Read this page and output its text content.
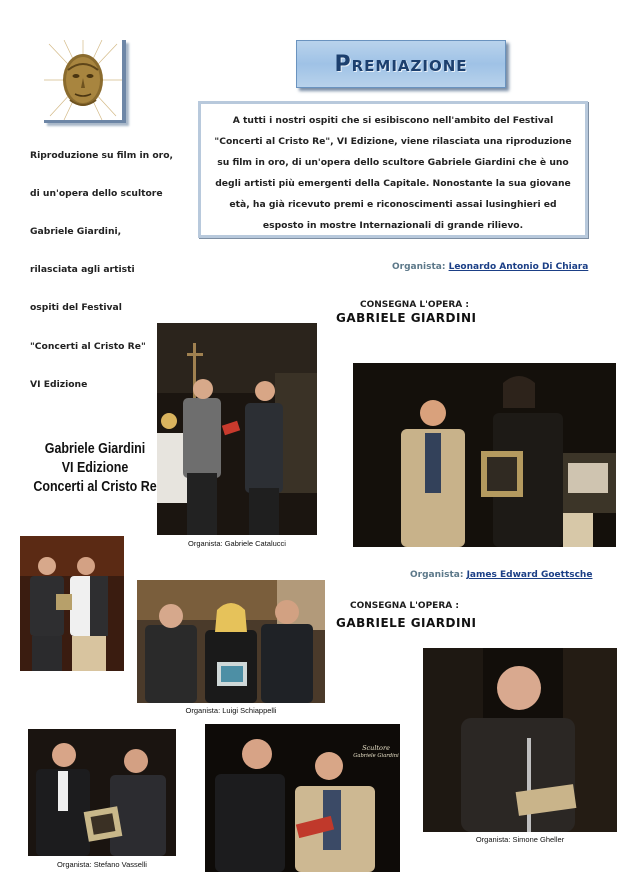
Premiazione
A tutti i nostri ospiti che si esibiscono nell'ambito del Festival "Concerti al Cristo Re", VI Edizione, viene rilasciata una riproduzione su film in oro, di un'opera dello scultore Gabriele Giardini che è uno degli artisti più emergenti della Capitale. Nonostante la sua giovane età, ha già ricevuto premi e riconoscimenti assai lusinghieri ed esposto in mostre Internazionali di grande rilievo.
Riproduzione su film in oro,
di un'opera dello scultore
Gabriele Giardini,
rilasciata agli artisti
ospiti del Festival
"Concerti al Cristo Re"
VI Edizione
Gabriele Giardini
VI Edizione
Concerti al Cristo Re
Organista: Leonardo Antonio Di Chiara
CONSEGNA L'OPERA :
GABRIELE GIARDINI
Organista: Gabriele Catalucci
Organista: James Edward Goettsche
CONSEGNA L'OPERA :
GABRIELE GIARDINI
Organista: Luigi Schiappelli
Organista: Simone Gheller
Organista: Stefano Vasselli
Scultore
Gabriele Giardini
